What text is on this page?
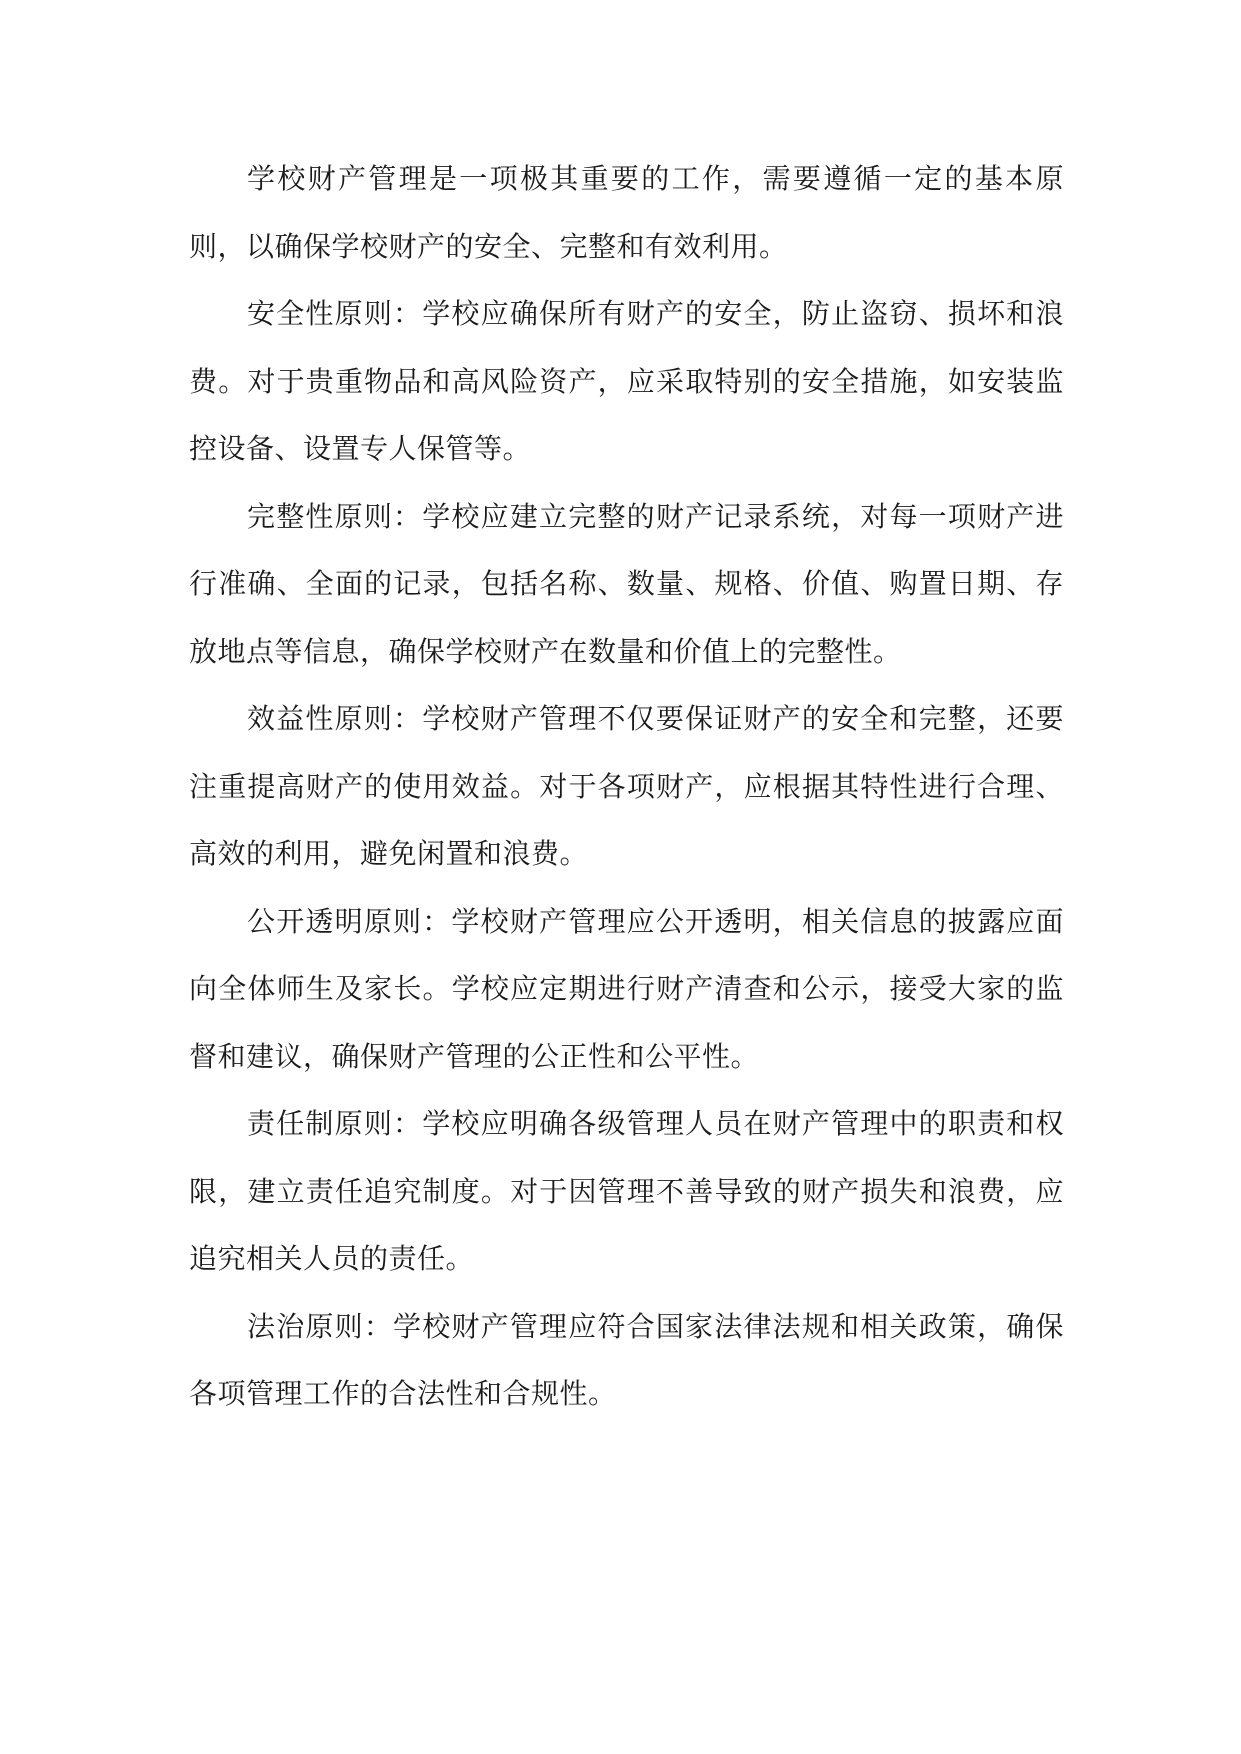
学校财产管理是一项极其重要的工作，需要遵循一定的基本原则，以确保学校财产的安全、完整和有效利用。

安全性原则：学校应确保所有财产的安全，防止盗窃、损坏和浪费。对于贵重物品和高风险资产，应采取特别的安全措施，如安装监控设备、设置专人保管等。

完整性原则：学校应建立完整的财产记录系统，对每一项财产进行准确、全面的记录，包括名称、数量、规格、价值、购置日期、存放地点等信息，确保学校财产在数量和价值上的完整性。

效益性原则：学校财产管理不仅要保证财产的安全和完整，还要注重提高财产的使用效益。对于各项财产，应根据其特性进行合理、高效的利用，避免闲置和浪费。

公开透明原则：学校财产管理应公开透明，相关信息的披露应面向全体师生及家长。学校应定期进行财产清查和公示，接受大家的监督和建议，确保财产管理的公正性和公平性。

责任制原则：学校应明确各级管理人员在财产管理中的职责和权限，建立责任追究制度。对于因管理不善导致的财产损失和浪费，应追究相关人员的责任。

法治原则：学校财产管理应符合国家法律法规和相关政策，确保各项管理工作的合法性和合规性。
